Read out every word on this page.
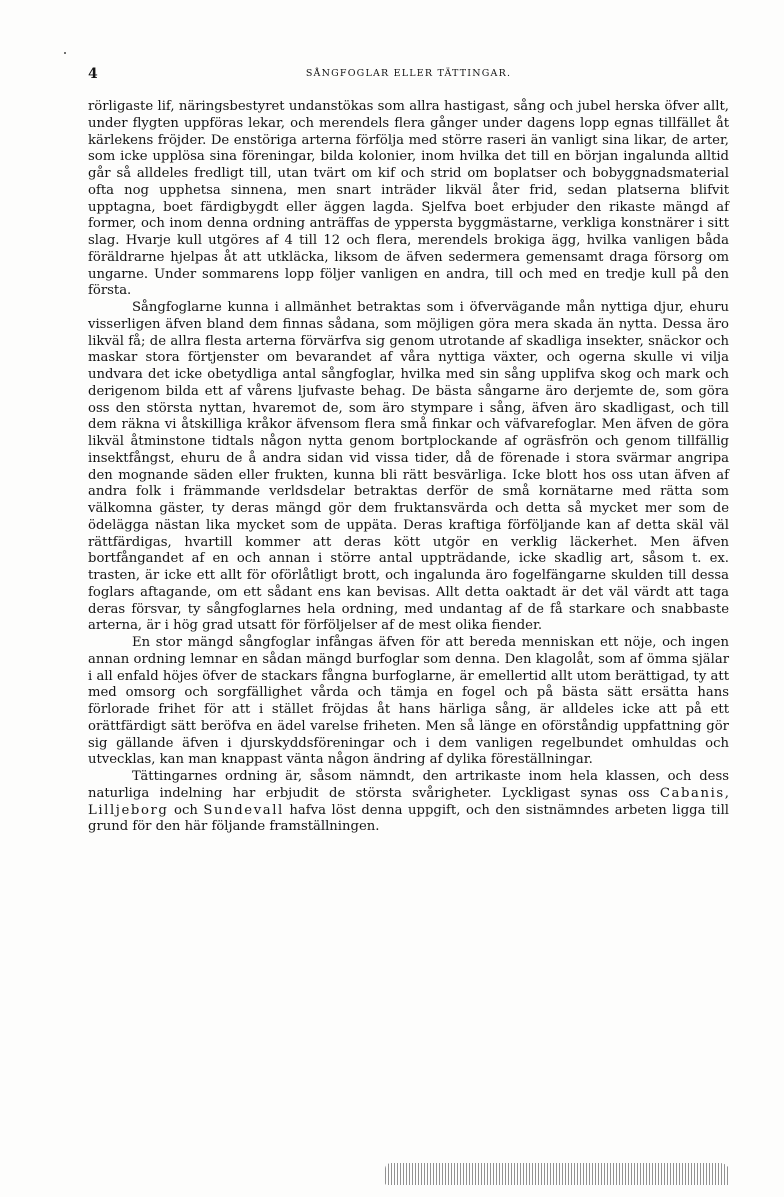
4	SÅNGFOGLAR ELLER TÄTTINGAR.

rörligaste lif, näringsbestyret undanstökas som allra hastigast, sång och jubel herska öfver allt, under flygten uppföras lekar, och merendels flera gånger under dagens lopp egnas tillfället åt kärlekens fröjder. De enstöriga arterna förfölja med större raseri än vanligt sina likar, de arter, som icke upplösa sina föreningar, bilda kolonier, inom hvilka det till en början ingalunda alltid går så alldeles fredligt till, utan tvärt om kif och strid om boplatser och bobyggnadsmaterial ofta nog upphetsa sinnena, men snart inträder likväl åter frid, sedan platserna blifvit upptagna, boet färdigbygdt eller äggen lagda. Sjelfva boet erbjuder den rikaste mängd af former, och inom denna ordning anträffas de yppersta byggmästarne, verkliga konstnärer i sitt slag. Hvarje kull utgöres af 4 till 12 och flera, merendels brokiga ägg, hvilka vanligen båda föräldrarne hjelpas åt att utkläcka, liksom de äfven sedermera gemensamt draga försorg om ungarne. Under sommarens lopp följer vanligen en andra, till och med en tredje kull på den första.

Sångfoglarne kunna i allmänhet betraktas som i öfvervägande mån nyttiga djur, ehuru visserligen äfven bland dem finnas sådana, som möjligen göra mera skada än nytta. Dessa äro likväl få; de allra flesta arterna förvärfva sig genom utrotande af skadliga insekter, snäckor och maskar stora förtjenster om bevarandet af våra nyttiga växter, och ogerna skulle vi vilja undvara det icke obetydliga antal sångfoglar, hvilka med sin sång upplifva skog och mark och derigenom bilda ett af vårens ljufvaste behag. De bästa sångarne äro derjemte de, som göra oss den största nyttan, hvaremot de, som äro stympare i sång, äfven äro skadligast, och till dem räkna vi åtskilliga kråkor äfvensom flera små finkar och väfvarefoglar. Men äfven de göra likväl åtminstone tidtals någon nytta genom bortplockande af ogräsfrön och genom tillfällig insektfångst, ehuru de å andra sidan vid vissa tider, då de förenade i stora svärmar angripa den mognande säden eller frukten, kunna bli rätt besvärliga. Icke blott hos oss utan äfven af andra folk i främmande verldsdelar betraktas derför de små kornätarne med rätta som välkomna gäster, ty deras mängd gör dem fruktansvärda och detta så mycket mer som de ödelägga nästan lika mycket som de uppäta. Deras kraftiga förföljande kan af detta skäl väl rättfärdigas, hvartill kommer att deras kött utgör en verklig läckerhet. Men äfven bortfångandet af en och annan i större antal uppträdande, icke skadlig art, såsom t. ex. trasten, är icke ett allt för oförlåtligt brott, och ingalunda äro fogelfängarne skulden till dessa foglars aftagande, om ett sådant ens kan bevisas. Allt detta oaktadt är det väl värdt att taga deras försvar, ty sångfoglarnes hela ordning, med undantag af de få starkare och snabbaste arterna, är i hög grad utsatt för förföljelser af de mest olika fiender.

En stor mängd sångfoglar infångas äfven för att bereda menniskan ett nöje, och ingen annan ordning lemnar en sådan mängd burfoglar som denna. Den klagolåt, som af ömma själar i all enfald höjes öfver de stackars fångna burfoglarne, är emellertid allt utom berättigad, ty att med omsorg och sorgfällighet vårda och tämja en fogel och på bästa sätt ersätta hans förlorade frihet för att i stället fröjdas åt hans härliga sång, är alldeles icke att på ett orättfärdigt sätt beröfva en ädel varelse friheten. Men så länge en oförståndig uppfattning gör sig gällande äfven i djurskyddsföreningar och i dem vanligen regelbundet omhuldas och utvecklas, kan man knappast vänta någon ändring af dylika föreställningar.

Tättingarnes ordning är, såsom nämndt, den artrikaste inom hela klassen, och dess naturliga indelning har erbjudit de största svårigheter. Lyckligast synas oss Cabanis, Lilljeborg och Sundevall hafva löst denna uppgift, och den sistnämndes arbeten ligga till grund för den här följande framställningen.
